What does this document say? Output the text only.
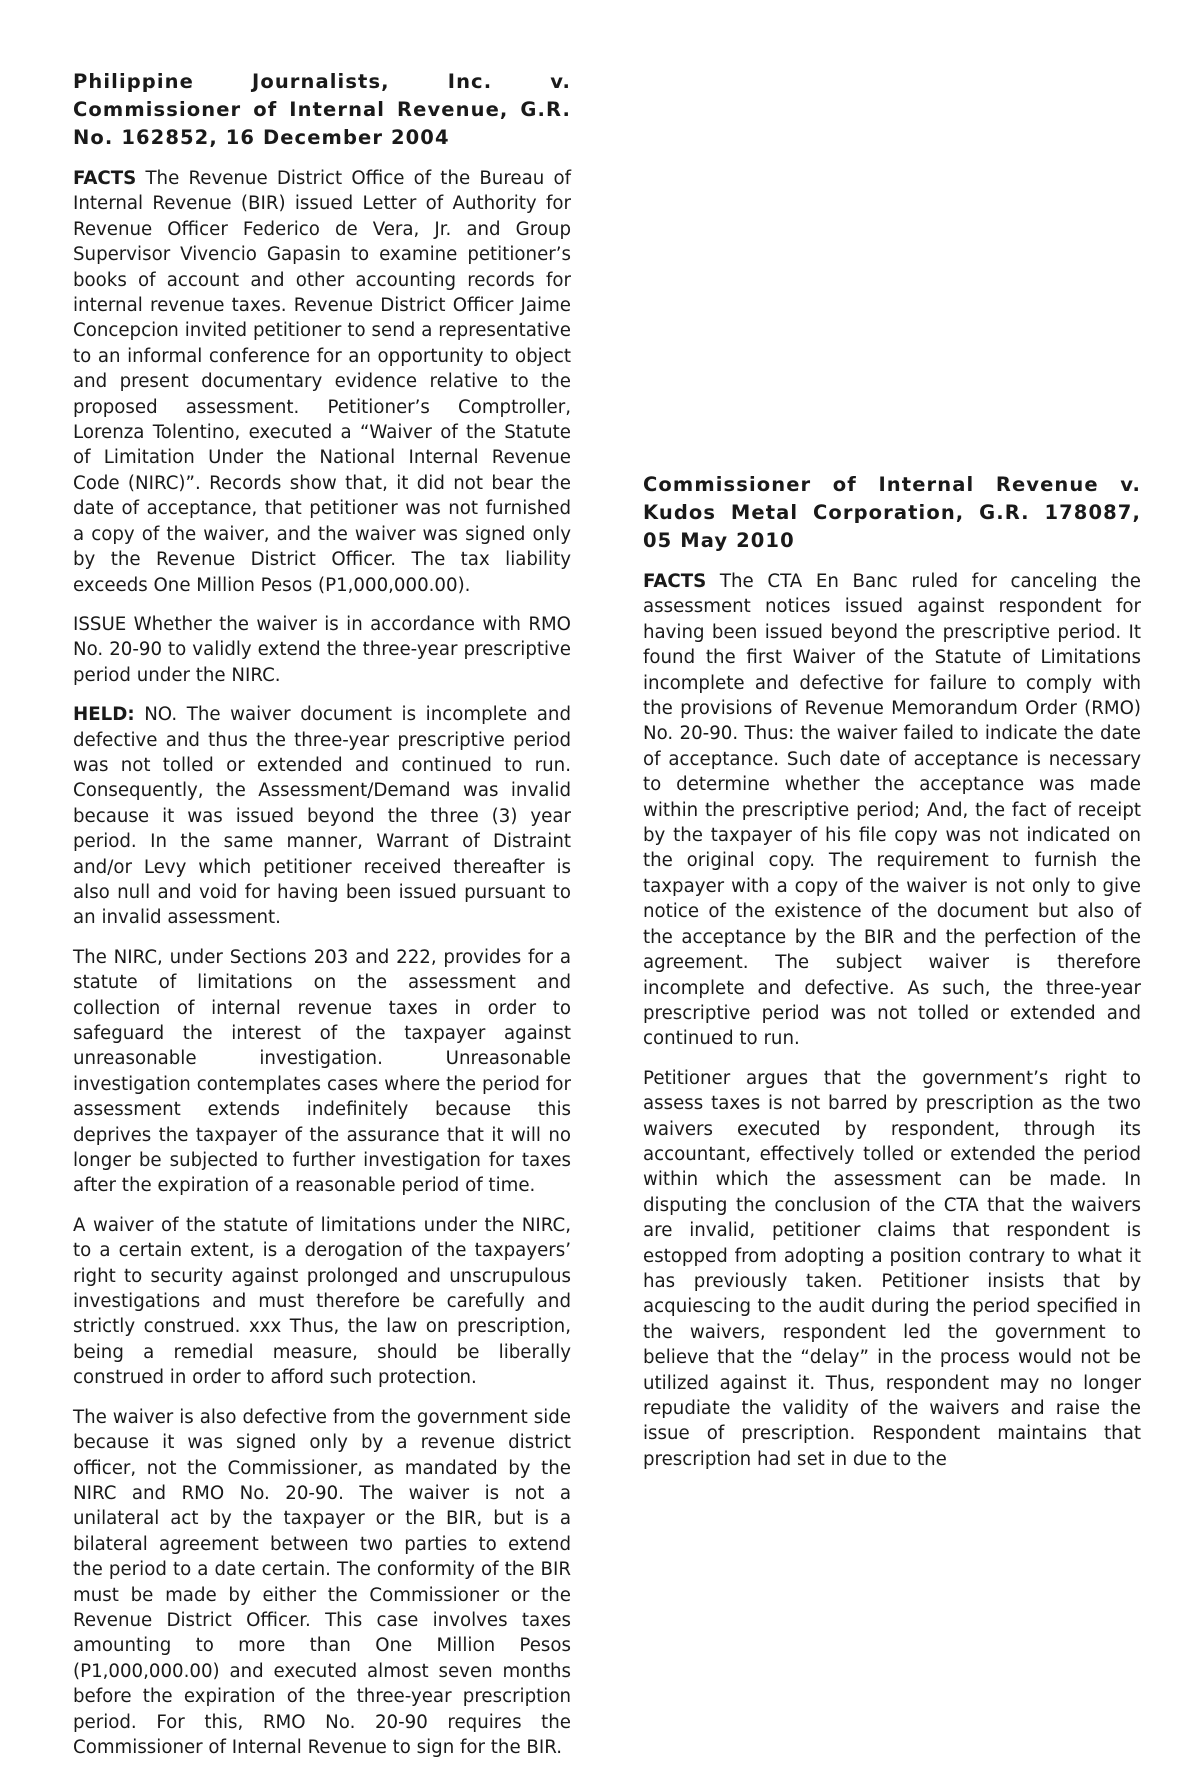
Philippine Journalists, Inc. v. Commissioner of Internal Revenue, G.R. No. 162852, 16 December 2004

FACTS The Revenue District Office of the Bureau of Internal Revenue (BIR) issued Letter of Authority for Revenue Officer Federico de Vera, Jr. and Group Supervisor Vivencio Gapasin to examine petitioner’s books of account and other accounting records for internal revenue taxes. Revenue District Officer Jaime Concepcion invited petitioner to send a representative to an informal conference for an opportunity to object and present documentary evidence relative to the proposed assessment. Petitioner’s Comptroller, Lorenza Tolentino, executed a “Waiver of the Statute of Limitation Under the National Internal Revenue Code (NIRC)”. Records show that, it did not bear the date of acceptance, that petitioner was not furnished a copy of the waiver, and the waiver was signed only by the Revenue District Officer. The tax liability exceeds One Million Pesos (P1,000,000.00).

ISSUE Whether the waiver is in accordance with RMO No. 20-90 to validly extend the three-year prescriptive period under the NIRC.

HELD: NO. The waiver document is incomplete and defective and thus the three-year prescriptive period was not tolled or extended and continued to run. Consequently, the Assessment/Demand was invalid because it was issued beyond the three (3) year period. In the same manner, Warrant of Distraint and/or Levy which petitioner received thereafter is also null and void for having been issued pursuant to an invalid assessment.

The NIRC, under Sections 203 and 222, provides for a statute of limitations on the assessment and collection of internal revenue taxes in order to safeguard the interest of the taxpayer against unreasonable investigation. Unreasonable investigation contemplates cases where the period for assessment extends indefinitely because this deprives the taxpayer of the assurance that it will no longer be subjected to further investigation for taxes after the expiration of a reasonable period of time.

A waiver of the statute of limitations under the NIRC, to a certain extent, is a derogation of the taxpayers’ right to security against prolonged and unscrupulous investigations and must therefore be carefully and strictly construed. xxx Thus, the law on prescription, being a remedial measure, should be liberally construed in order to afford such protection.

The waiver is also defective from the government side because it was signed only by a revenue district officer, not the Commissioner, as mandated by the NIRC and RMO No. 20-90. The waiver is not a unilateral act by the taxpayer or the BIR, but is a bilateral agreement between two parties to extend the period to a date certain. The conformity of the BIR must be made by either the Commissioner or the Revenue District Officer. This case involves taxes amounting to more than One Million Pesos (P1,000,000.00) and executed almost seven months before the expiration of the three-year prescription period. For this, RMO No. 20-90 requires the Commissioner of Internal Revenue to sign for the BIR.

Commissioner of Internal Revenue v. Kudos Metal Corporation, G.R. 178087, 05 May 2010

FACTS The CTA En Banc ruled for canceling the assessment notices issued against respondent for having been issued beyond the prescriptive period. It found the first Waiver of the Statute of Limitations incomplete and defective for failure to comply with the provisions of Revenue Memorandum Order (RMO) No. 20-90. Thus: the waiver failed to indicate the date of acceptance. Such date of acceptance is necessary to determine whether the acceptance was made within the prescriptive period; And, the fact of receipt by the taxpayer of his file copy was not indicated on the original copy. The requirement to furnish the taxpayer with a copy of the waiver is not only to give notice of the existence of the document but also of the acceptance by the BIR and the perfection of the agreement. The subject waiver is therefore incomplete and defective. As such, the three-year prescriptive period was not tolled or extended and continued to run.

Petitioner argues that the government’s right to assess taxes is not barred by prescription as the two waivers executed by respondent, through its accountant, effectively tolled or extended the period within which the assessment can be made. In disputing the conclusion of the CTA that the waivers are invalid, petitioner claims that respondent is estopped from adopting a position contrary to what it has previously taken. Petitioner insists that by acquiescing to the audit during the period specified in the waivers, respondent led the government to believe that the “delay” in the process would not be utilized against it. Thus, respondent may no longer repudiate the validity of the waivers and raise the issue of prescription. Respondent maintains that prescription had set in due to the
